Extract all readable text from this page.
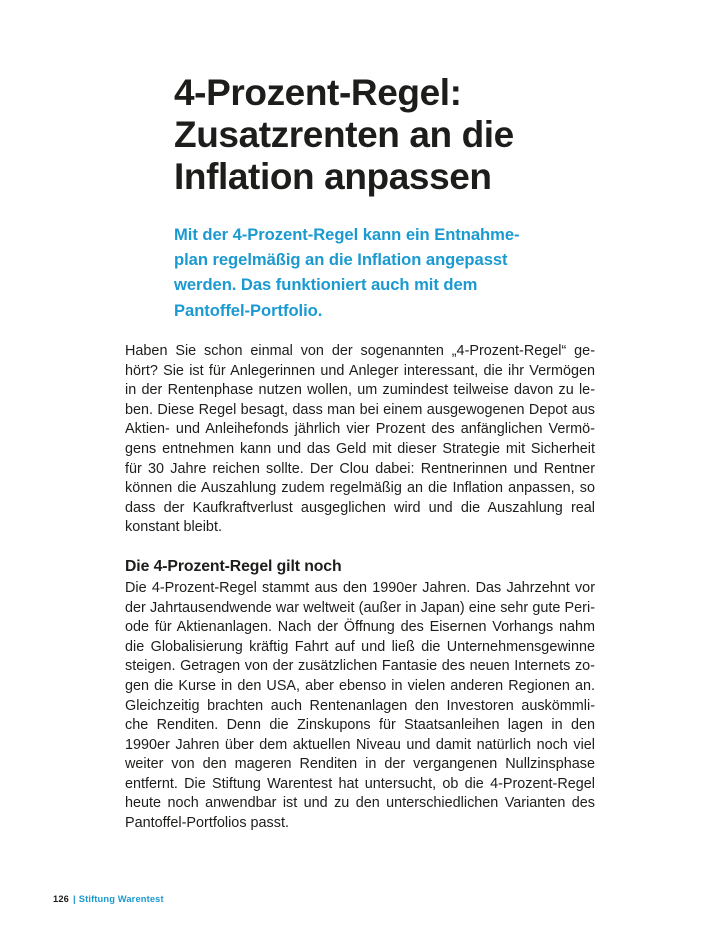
4-Prozent-Regel:
Zusatzrenten an die
Inflation anpassen

Mit der 4-Prozent-Regel kann ein Entnahme-
plan regelmäßig an die Inflation angepasst
werden. Das funktioniert auch mit dem
Pantoffel-Portfolio.

Haben Sie schon einmal von der sogenannten „4-Prozent-Regel“ ge-
hört? Sie ist für Anlegerinnen und Anleger interessant, die ihr Vermögen
in der Rentenphase nutzen wollen, um zumindest teilweise davon zu le-
ben. Diese Regel besagt, dass man bei einem ausgewogenen Depot aus
Aktien- und Anleihefonds jährlich vier Prozent des anfänglichen Vermö-
gens entnehmen kann und das Geld mit dieser Strategie mit Sicherheit
für 30 Jahre reichen sollte. Der Clou dabei: Rentnerinnen und Rentner
können die Auszahlung zudem regelmäßig an die Inflation anpassen, so
dass der Kaufkraftverlust ausgeglichen wird und die Auszahlung real
konstant bleibt.

Die 4-Prozent-Regel gilt noch

Die 4-Prozent-Regel stammt aus den 1990er Jahren. Das Jahrzehnt vor
der Jahrtausendwende war weltweit (außer in Japan) eine sehr gute Peri-
ode für Aktienanlagen. Nach der Öffnung des Eisernen Vorhangs nahm
die Globalisierung kräftig Fahrt auf und ließ die Unternehmensgewinne
steigen. Getragen von der zusätzlichen Fantasie des neuen Internets zo-
gen die Kurse in den USA, aber ebenso in vielen anderen Regionen an.
Gleichzeitig brachten auch Rentenanlagen den Investoren auskömmli-
che Renditen. Denn die Zinskupons für Staatsanleihen lagen in den
1990er Jahren über dem aktuellen Niveau und damit natürlich noch viel
weiter von den mageren Renditen in der vergangenen Nullzinsphase
entfernt. Die Stiftung Warentest hat untersucht, ob die 4-Prozent-Regel
heute noch anwendbar ist und zu den unterschiedlichen Varianten des
Pantoffel-Portfolios passt.

126 | Stiftung Warentest
